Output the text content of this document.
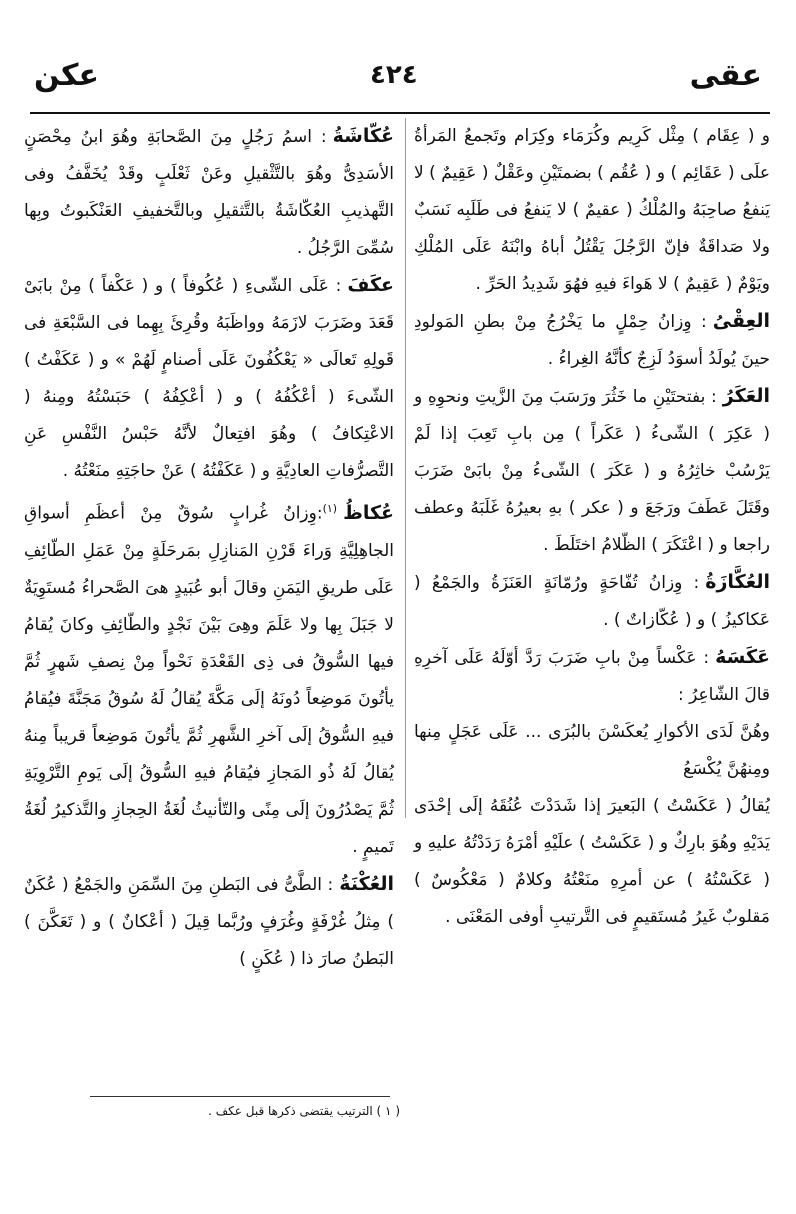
عقى
٤٢٤
عكن

و ( عِقَام ) مِثْل كَرِيم وكُرَمَاء وكِرَام وتَجمعُ المَرأةُ علَى ( عَقَائِم ) و ( عُقُم ) بضمتَيْنِ وعَقْلٌ ( عَقِيمٌ ) لا يَنفعُ صاحِبَهُ والمُلْكُ ( عقيمٌ ) لا يَنفعُ فى طَلَبِه نَسَبٌ ولا صَداقَةٌ فإنّ الرَّجُلَ يَقْتُلُ أباهُ وابْنَهُ عَلَى المُلْكِ ويَوْمٌ ( عَقِيمٌ ) لا هَواءَ فيهِ فهُوَ شَدِيدُ الحَرِّ .

العِقْىُ: وِزانُ حِمْلٍ ما يَخْرُجُ مِنْ بطنِ المَولودِ حينَ يُولَدُ أسوَدُ لَزِجٌ كأنَّهُ الغِراءُ .

العَكَرُ: بفتحتَيْنِ ما خَثُرَ ورَسَبَ مِنَ الزَّيتِ ونحوِهِ و ( عَكِرَ ) الشّىءُ ( عَكَراً ) مِن بابِ تَعِبَ إذا لَمْ يَرْسُبْ خاثِرُهُ و ( عَكَرَ ) الشّىءُ مِنْ بابَىْ ضَرَبَ وقَتَلَ عَطَفَ ورَجَعَ و ( عكر ) بهِ بعيرُهُ غَلَبَهُ وعطف راجعا و ( اعْتَكَرَ ) الظّلامُ اختَلَطَ .

العُكَّازَةُ: وِزانُ تُفّاحَةٍ ورُمّانَةٍ العَنَزَةُ والجَمْعُ ( عَكاكيزُ ) و ( عُكّازاتٌ ) .

عَكَسَهُ: عَكْساً مِنْ بابِ ضَرَبَ رَدَّ أوّلَهُ عَلَى آخرِهِ قالَ الشّاعِرُ :

وهُنَّ لَدَى الأكوارِ يُعكَسْنَ بالبُرَى ... عَلَى عَجَلٍ مِنها ومِنهُنَّ يُكْسَعُ

يُقالُ ( عَكَسْتُ ) البَعيرَ إذا شَدَدْتَ عُنُقَهُ إلَى إحْدَى يَدَيْهِ وهُوَ بارِكٌ و ( عَكَسْتُ ) علَيْهِ أمْرَهُ رَدَدْتُهُ عليهِ و ( عَكَسْتُهُ ) عن أمرِهِ منَعْتُهُ وكلامٌ ( مَعْكُوسٌ ) مَقلوبٌ غَيرُ مُستَقيمٍ فى التَّرتيبِ أوفى المَعْنَى .

عُكّاشَةُ: اسمُ رَجُلٍ مِنَ الصَّحابَةِ وهُوَ ابنُ مِحْصَنٍ الأسَدِىُّ وهُوَ بالتَّثْقيلِ وعَنْ ثَعْلَبٍ وقَدْ يُخَفَّفُ وفى التَّهذيبِ العُكّاشَةُ بالتَّثقيلِ وبالتَّخفيفِ العَنْكَبوتُ وبِها سُمِّىَ الرَّجُلُ .

عكَفَ: عَلَى الشّىءِ ( عُكُوفاً ) و ( عَكْفاً ) مِنْ بابَىْ قَعَدَ وضَرَبَ لازَمَهُ وواظَبَهُ وقُرِئَ بِهِما فى السَّبْعَةِ فى قَولِهِ تَعالَى « يَعْكُفُونَ عَلَى أصنامٍ لَهُمْ » و ( عَكَفْتُ ) الشّىءَ ( أعْكُفُهُ ) و ( أعْكِفُهُ ) حَبَسْتُهُ ومِنهُ ( الاعْتِكافُ ) وهُوَ افتِعالٌ لأنَّهُ حَبْسُ النَّفْسِ عَنِ التَّصرُّفاتِ العادِيَّةِ و ( عَكَفْتُهُ ) عَنْ حاجَتِهِ منَعْتُهُ .

عُكاظُ$^{(١)}$:وِزانُ غُرابٍ سُوقٌ مِنْ أعظَمِ أسواقِ الجاهِلِيَّةِ وَراءَ قَرْنِ المَنازِلِ بمَرحَلَةٍ مِنْ عَمَلِ الطّائِفِ عَلَى طريقِ اليَمَنِ وقالَ أبو عُبَيدٍ هىَ الصَّحراءُ مُستَوِيَةٌ لا جَبَلَ بِها ولا عَلَمَ وهِىَ بَيْنَ نَجْدٍ والطّائِفِ وكانَ يُقامُ فيها السُّوقُ فى ذِى القَعْدَةِ نَحْواً مِنْ نِصفِ شَهرٍ ثُمَّ يأتُونَ مَوضِعاً دُونَهُ إلَى مَكَّةَ يُقالُ لَهُ سُوقُ مَجَنَّةَ فيُقامُ فيهِ السُّوقُ إلَى آخرِ الشَّهرِ ثُمَّ يأتُونَ مَوضِعاً قريباً مِنهُ يُقالُ لَهُ ذُو المَجازِ فيُقامُ فيهِ السُّوقُ إلَى يَومِ التَّرْوِيَةِ ثُمَّ يَصْدُرُونَ إلَى مِنًى والتّأنيثُ لُغَةُ الحِجازِ والتَّذكيرُ لُغَةُ تَميمٍ .

العُكْنَةُ: الطَّىُّ فى البَطنِ مِنَ السِّمَنِ والجَمْعُ ( عُكَنٌ ) مِثلُ غُرْفَةٍ وغُرَفٍ ورُبَّما قِيلَ ( أعْكانٌ ) و ( تَعَكَّنَ ) البَطنُ صارَ ذا ( عُكَنٍ )

( ١ ) الترتيب يقتضى ذكرها قبل عكف .
